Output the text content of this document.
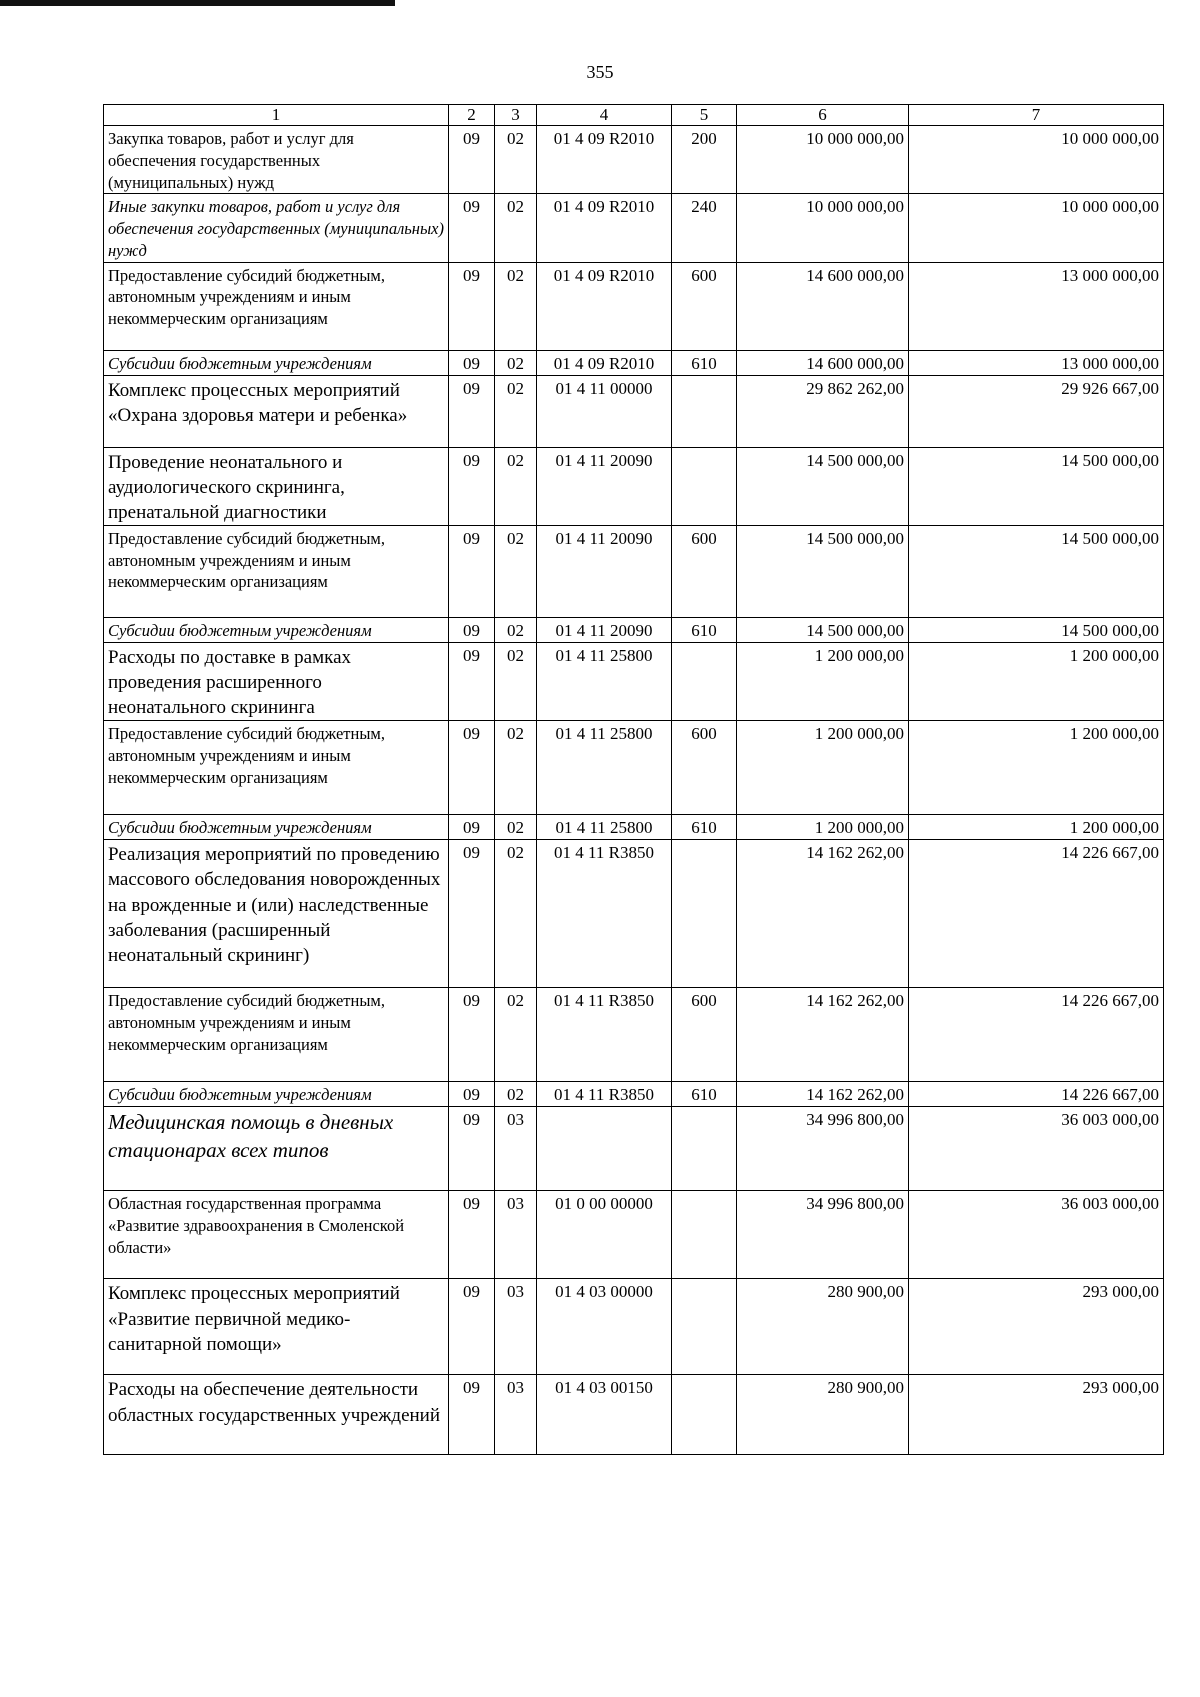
355
1	2	3	4	5	6	7
Закупка товаров, работ и услуг для обеспечения государственных (муниципальных) нужд	09	02	01 4 09 R2010	200	10 000 000,00	10 000 000,00
Иные закупки товаров, работ и услуг для обеспечения государственных (муниципальных) нужд	09	02	01 4 09 R2010	240	10 000 000,00	10 000 000,00
Предоставление субсидий бюджетным, автономным учреждениям и иным некоммерческим организациям	09	02	01 4 09 R2010	600	14 600 000,00	13 000 000,00
Субсидии бюджетным учреждениям	09	02	01 4 09 R2010	610	14 600 000,00	13 000 000,00
Комплекс процессных мероприятий «Охрана здоровья матери и ребенка»	09	02	01 4 11 00000		29 862 262,00	29 926 667,00
Проведение неонатального и аудиологического скрининга, пренатальной диагностики	09	02	01 4 11 20090		14 500 000,00	14 500 000,00
Предоставление субсидий бюджетным, автономным учреждениям и иным некоммерческим организациям	09	02	01 4 11 20090	600	14 500 000,00	14 500 000,00
Субсидии бюджетным учреждениям	09	02	01 4 11 20090	610	14 500 000,00	14 500 000,00
Расходы по доставке в рамках проведения расширенного неонатального скрининга	09	02	01 4 11 25800		1 200 000,00	1 200 000,00
Предоставление субсидий бюджетным, автономным учреждениям и иным некоммерческим организациям	09	02	01 4 11 25800	600	1 200 000,00	1 200 000,00
Субсидии бюджетным учреждениям	09	02	01 4 11 25800	610	1 200 000,00	1 200 000,00
Реализация мероприятий по проведению массового обследования новорожденных на врожденные и (или) наследственные заболевания (расширенный неонатальный скрининг)	09	02	01 4 11 R3850		14 162 262,00	14 226 667,00
Предоставление субсидий бюджетным, автономным учреждениям и иным некоммерческим организациям	09	02	01 4 11 R3850	600	14 162 262,00	14 226 667,00
Субсидии бюджетным учреждениям	09	02	01 4 11 R3850	610	14 162 262,00	14 226 667,00
Медицинская помощь в дневных стационарах всех типов	09	03			34 996 800,00	36 003 000,00
Областная государственная программа «Развитие здравоохранения в Смоленской области»	09	03	01 0 00 00000		34 996 800,00	36 003 000,00
Комплекс процессных мероприятий «Развитие первичной медико-санитарной помощи»	09	03	01 4 03 00000		280 900,00	293 000,00
Расходы на обеспечение деятельности областных государственных учреждений	09	03	01 4 03 00150		280 900,00	293 000,00
